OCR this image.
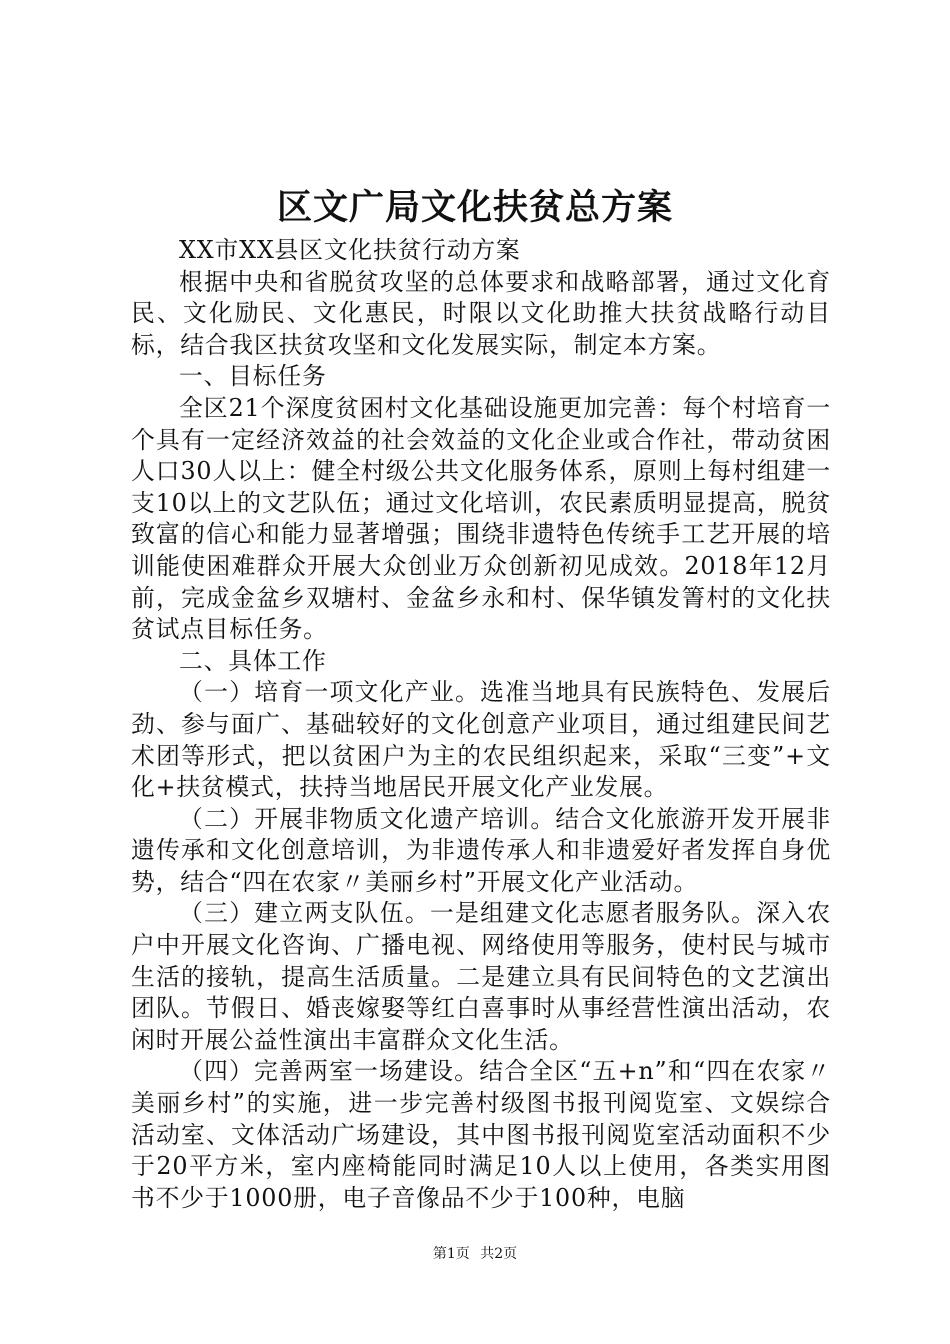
区文广局文化扶贫总方案

XX市XX县区文化扶贫行动方案

根据中央和省脱贫攻坚的总体要求和战略部署，通过文化育民、文化励民、文化惠民，时限以文化助推大扶贫战略行动目标，结合我区扶贫攻坚和文化发展实际，制定本方案。

一、目标任务

全区21个深度贫困村文化基础设施更加完善：每个村培育一个具有一定经济效益的社会效益的文化企业或合作社，带动贫困人口30人以上：健全村级公共文化服务体系，原则上每村组建一支10以上的文艺队伍；通过文化培训，农民素质明显提高，脱贫致富的信心和能力显著增强；围绕非遗特色传统手工艺开展的培训能使困难群众开展大众创业万众创新初见成效。2018年12月前，完成金盆乡双塘村、金盆乡永和村、保华镇发箐村的文化扶贫试点目标任务。

二、具体工作

（一）培育一项文化产业。选准当地具有民族特色、发展后劲、参与面广、基础较好的文化创意产业项目，通过组建民间艺术团等形式，把以贫困户为主的农民组织起来，采取“三变”+文化+扶贫模式，扶持当地居民开展文化产业发展。

（二）开展非物质文化遗产培训。结合文化旅游开发开展非遗传承和文化创意培训，为非遗传承人和非遗爱好者发挥自身优势，结合“四在农家〃美丽乡村”开展文化产业活动。

（三）建立两支队伍。一是组建文化志愿者服务队。深入农户中开展文化咨询、广播电视、网络使用等服务，使村民与城市生活的接轨，提高生活质量。二是建立具有民间特色的文艺演出团队。节假日、婚丧嫁娶等红白喜事时从事经营性演出活动，农闲时开展公益性演出丰富群众文化生活。

（四）完善两室一场建设。结合全区“五+n”和“四在农家〃美丽乡村”的实施，进一步完善村级图书报刊阅览室、文娱综合活动室、文体活动广场建设，其中图书报刊阅览室活动面积不少于20平方米，室内座椅能同时满足10人以上使用，各类实用图书不少于1000册，电子音像品不少于100种，电脑

第1页 共2页
